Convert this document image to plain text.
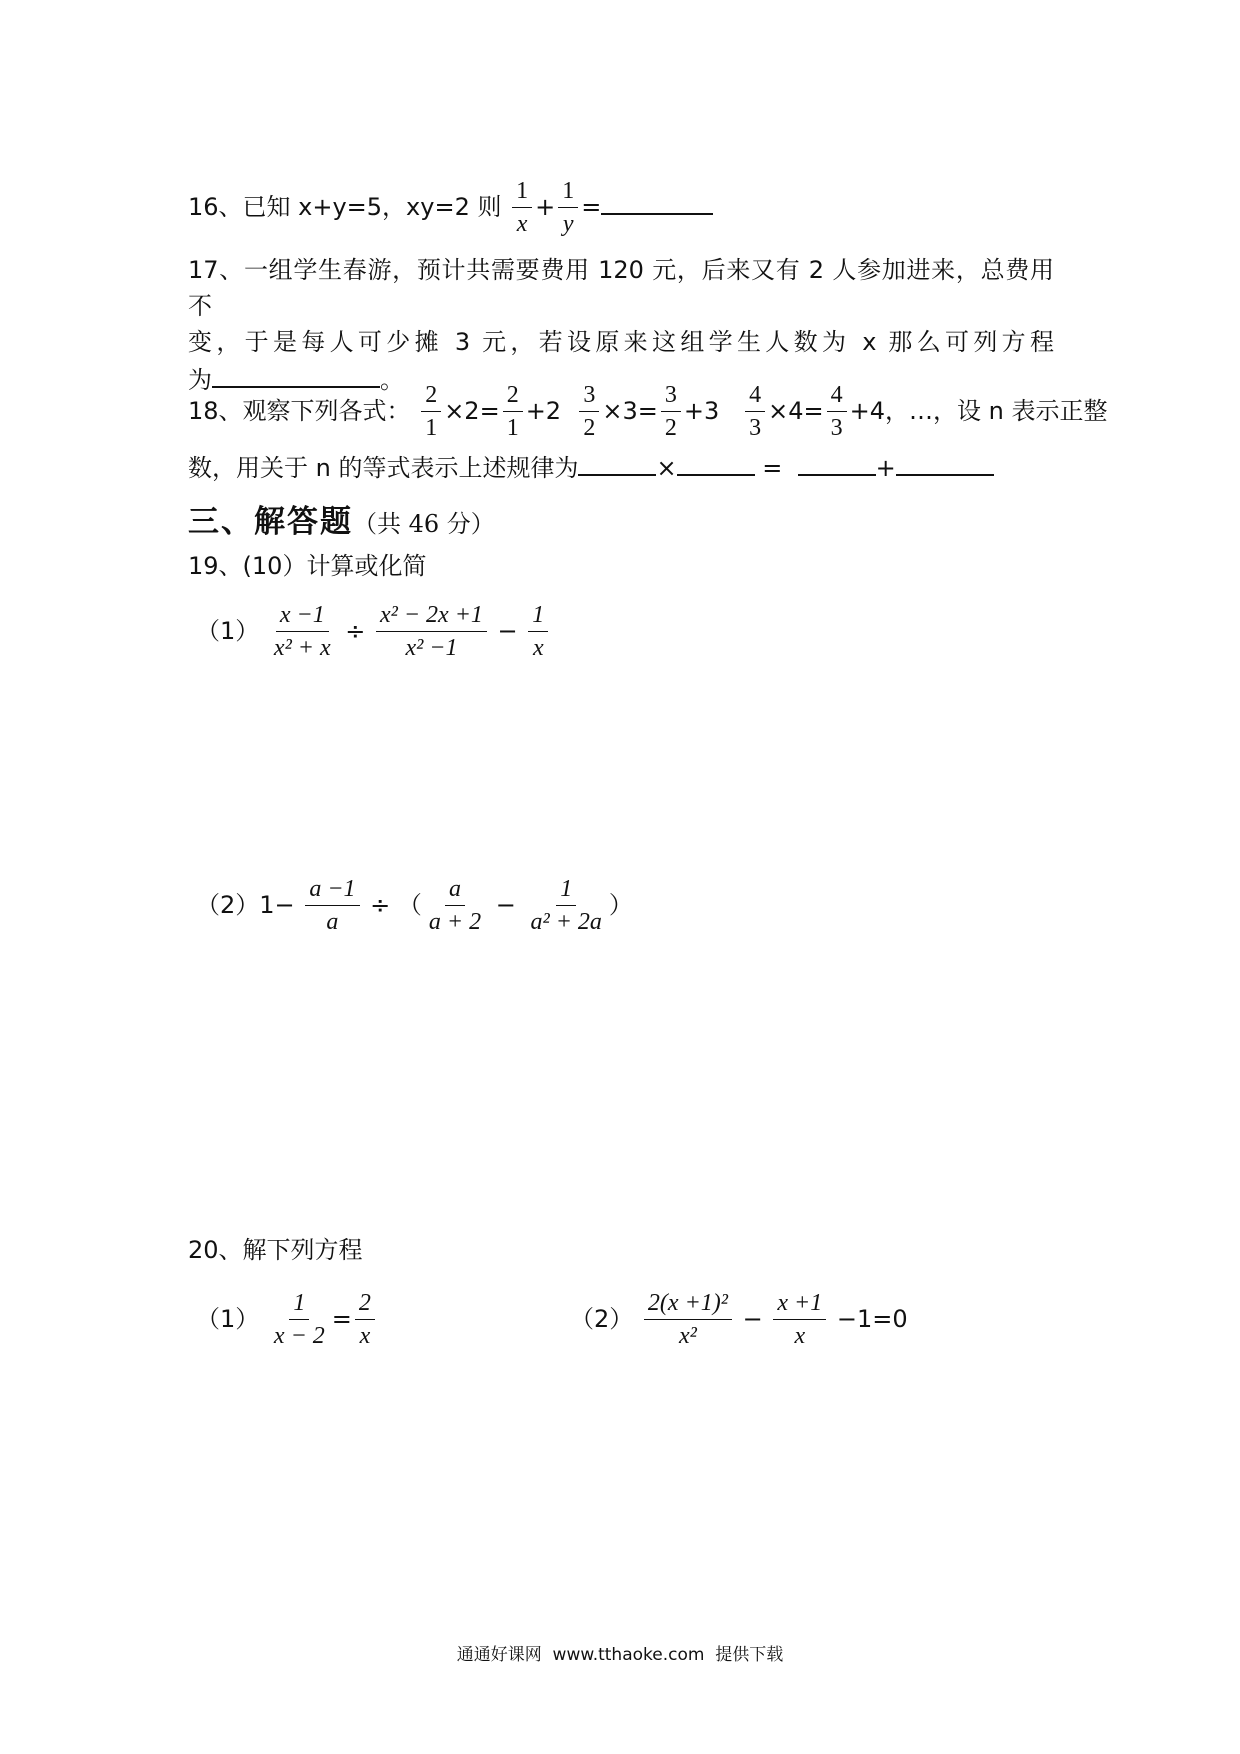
16、已知 x+y=5，xy=2 则 $\frac{1}{x} + \frac{1}{y}$ =
17、一组学生春游，预计共需要费用 120 元，后来又有 2 人参加进来，总费用不
变，于是每人可少摊 3 元，若设原来这组学生人数为 x 那么可列方程
为	。
18、观察下列各式： $\frac{2}{1} \times 2= \frac{2}{1} +2 \frac{3}{2} \times 3= \frac{3}{2} +3 \frac{4}{3} \times 4= \frac{4}{3} +4$，…，设 n 表示正整
数，用关于 n 的等式表示上述规律为	×	=	+
三、解答题（共 46 分）
19、(10）计算或化简
$(1) \frac{x -1}{\text{x² + x}} \div \frac{\text{x² − 2x +1}}{\text{x² −1}} - \frac{1}{x}$
$(2)1- \frac{a -1}{a}$ ÷ （ $\frac{a}{a + 2} - \frac{1}{\text{a² + 2a}}$ ）
20、解下列方程
$(1) \frac{1}{x - 2} = \frac{2}{x}$	$(2) \frac{\text{2(x +1)²}}{\text{x²}} - \frac{x +1}{x} -1=0$
通通好课网  www.tthaoke.com  提供下载
